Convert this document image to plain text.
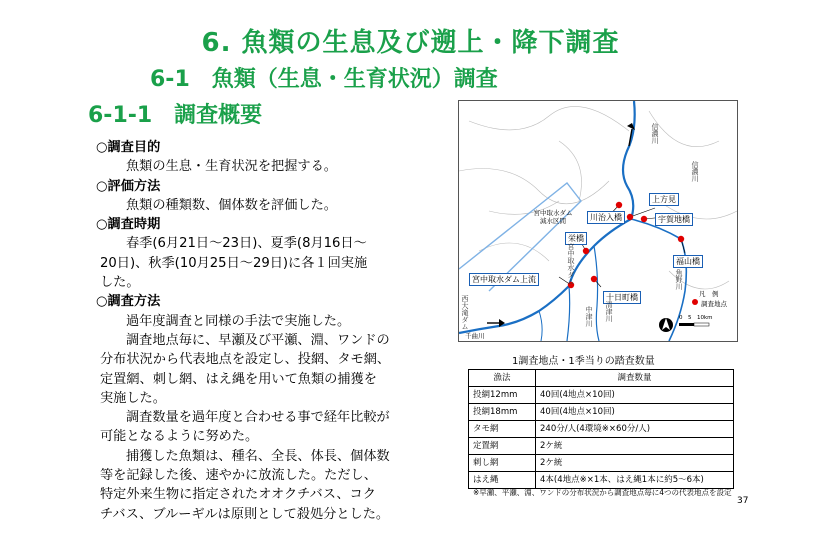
6. 魚類の生息及び遡上・降下調査
6-1　魚類（生息・生育状況）調査
6-1-1　調査概要
○調査目的
魚類の生息・生育状況を把握する。
○評価方法
魚類の種類数、個体数を評価した。
○調査時期
春季(6月21日～23日)、夏季(8月16日～
20日)、秋季(10月25日～29日)に各１回実施
した。
○調査方法
過年度調査と同様の手法で実施した。
調査地点毎に、早瀬及び平瀬、淵、ワンドの
分布状況から代表地点を設定し、投網、タモ網、
定置網、刺し網、はえ縄を用いて魚類の捕獲を
実施した。
調査数量を過年度と合わせる事で経年比較が
可能となるように努めた。
捕獲した魚類は、種名、全長、体長、個体数
等を記録した後、速やかに放流した。ただし、
特定外来生物に指定されたオオクチバス、コク
チバス、ブルーギルは原則として殺処分とした。
上方見
川治入橋	宇賀地橋
栄橋
福山橋
宮中取水ダム上流
十日町橋
信濃川
宮中取水ダム
減水区間
宮中取水ダム	魚野川
中津川 清津川
西大滝ダム
千曲川
信濃川
凡　例
調査地点
0　5　10km
1調査地点・1季当りの踏査数量
漁法	調査数量
投網12mm	40回(4地点×10回)
投網18mm	40回(4地点×10回)
タモ網	240分/人(4環境※×60分/人)
定置網	2ケ統
刺し網	2ケ統
はえ縄	4本(4地点※×1本、はえ縄1本に約5～6本)
※早瀬、平瀬、淵、ワンドの分布状況から調査地点毎に4つの代表地点を設定
37
